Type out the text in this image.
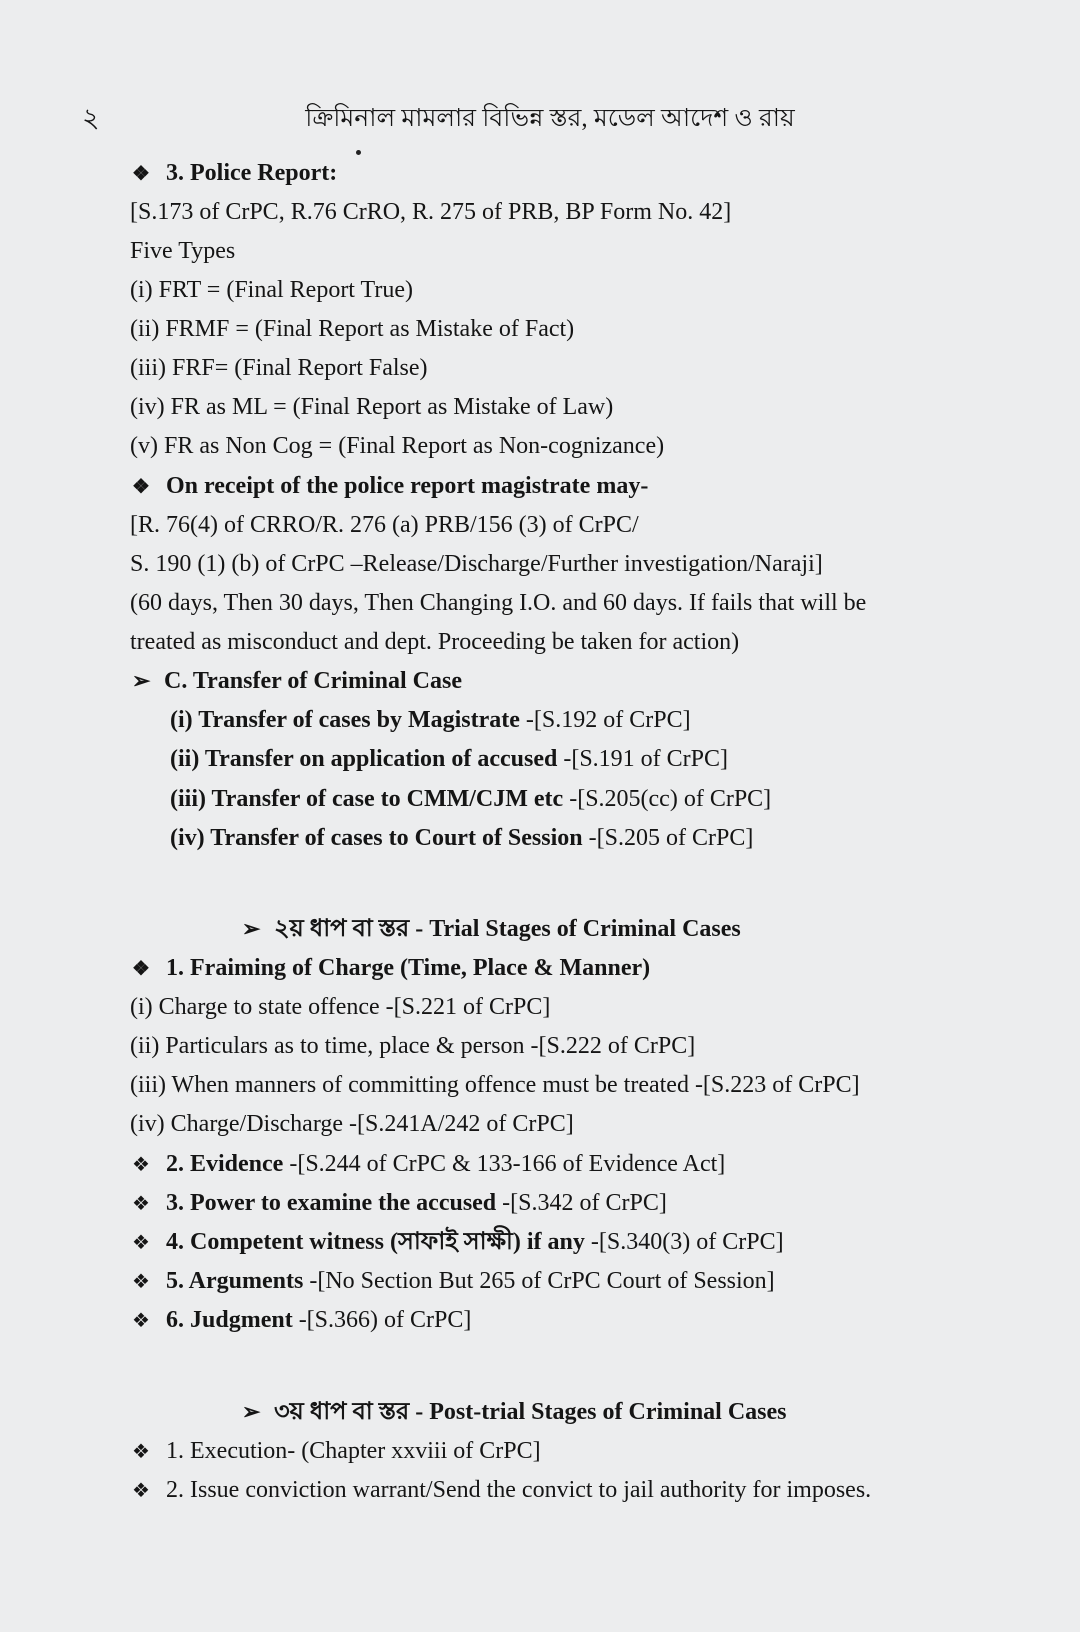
২	ক্রিমিনাল মামলার বিভিন্ন স্তর, মডেল আদেশ ও রায়
❖ 3. Police Report:
[S.173 of CrPC, R.76 CrRO, R. 275 of PRB, BP Form No. 42]
Five Types
(i) FRT = (Final Report True)
(ii) FRMF = (Final Report as Mistake of Fact)
(iii) FRF= (Final Report False)
(iv) FR as ML = (Final Report as Mistake of Law)
(v) FR as Non Cog = (Final Report as Non-cognizance)
❖ On receipt of the police report magistrate may-
[R. 76(4) of CRRO/R. 276 (a) PRB/156 (3) of CrPC/
S. 190 (1) (b) of CrPC –Release/Discharge/Further investigation/Naraji]
(60 days, Then 30 days, Then Changing I.O. and 60 days. If fails that will be
treated as misconduct and dept. Proceeding be taken for action)
➢ C. Transfer of Criminal Case
(i) Transfer of cases by Magistrate -[S.192 of CrPC]
(ii) Transfer on application of accused -[S.191 of CrPC]
(iii) Transfer of case to CMM/CJM etc -[S.205(cc) of CrPC]
(iv) Transfer of cases to Court of Session -[S.205 of CrPC]
➢ ২য় ধাপ বা স্তর - Trial Stages of Criminal Cases
❖ 1. Fraiming of Charge (Time, Place & Manner)
(i) Charge to state offence -[S.221 of CrPC]
(ii) Particulars as to time, place & person -[S.222 of CrPC]
(iii) When manners of committing offence must be treated -[S.223 of CrPC]
(iv) Charge/Discharge -[S.241A/242 of CrPC]
❖ 2. Evidence -[S.244 of CrPC & 133-166 of Evidence Act]
❖ 3. Power to examine the accused -[S.342 of CrPC]
❖ 4. Competent witness (সাফাই সাক্ষী) if any -[S.340(3) of CrPC]
❖ 5. Arguments -[No Section But 265 of CrPC Court of Session]
❖ 6. Judgment -[S.366) of CrPC]
➢ ৩য় ধাপ বা স্তর - Post-trial Stages of Criminal Cases
❖ 1. Execution- (Chapter xxviii of CrPC]
❖ 2. Issue conviction warrant/Send the convict to jail authority for imposes.
